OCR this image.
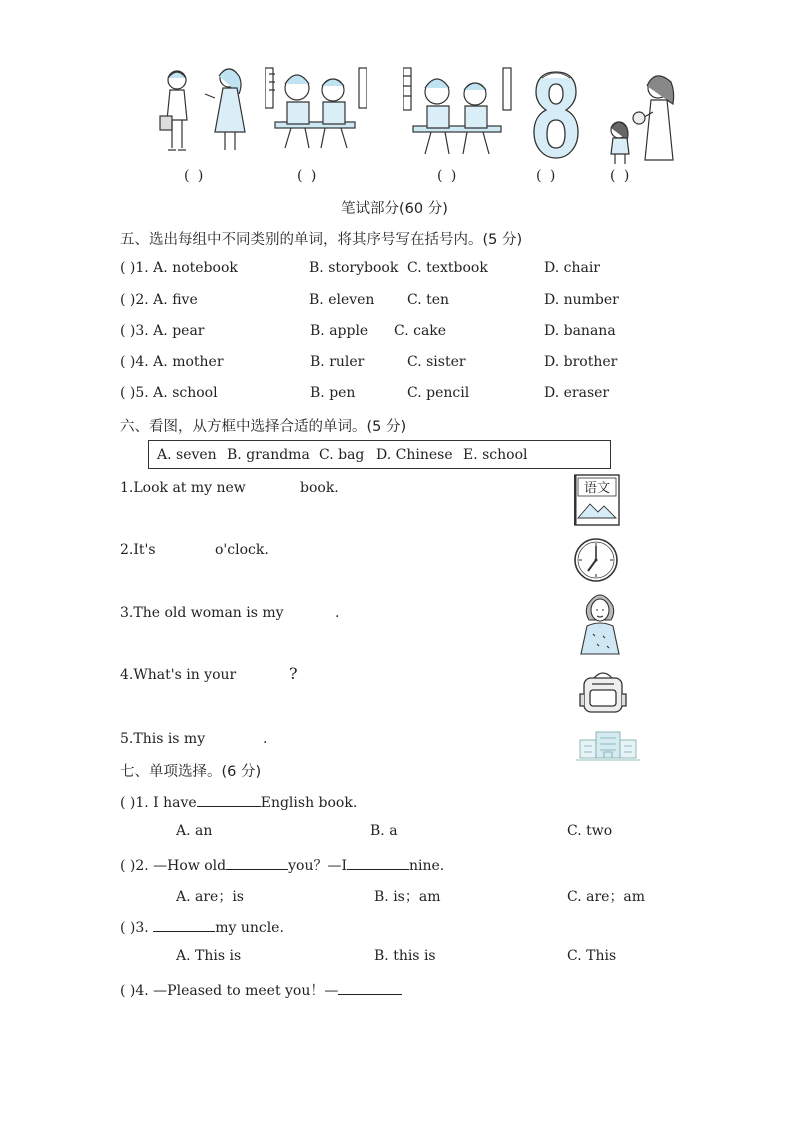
( )	( )	( )	( )	( )
笔试部分(60 分)
五、选出每组中不同类别的单词，将其序号写在括号内。(5 分)
( )1. A. notebook	B. storybook C. textbook	D. chair
( )2. A. five	B. eleven C. ten	D. number
( )3. A. pear	B. apple C. cake	D. banana
( )4. A. mother	B. ruler	C. sister	D. brother
( )5. A. school	B. pen	C. pencil	D. eraser
六、看图，从方框中选择合适的单词。(5 分)
A. seven B. grandma C. bag D. Chinese E. school
1.Look at my new	book.	语文
2.It's	o'clock.
3.The old woman is my	.
4.What's in your	?
5.This is my	.
七、单项选择。(6 分)
( )1. I have	English book.
A. an	B. a	C. two
( )2. —How old	you？—I	nine.
A. are；is	B. is；am	C. are；am
( )3.	my uncle.
A. This is	B. this is	C. This
( )4. —Pleased to meet you！—
